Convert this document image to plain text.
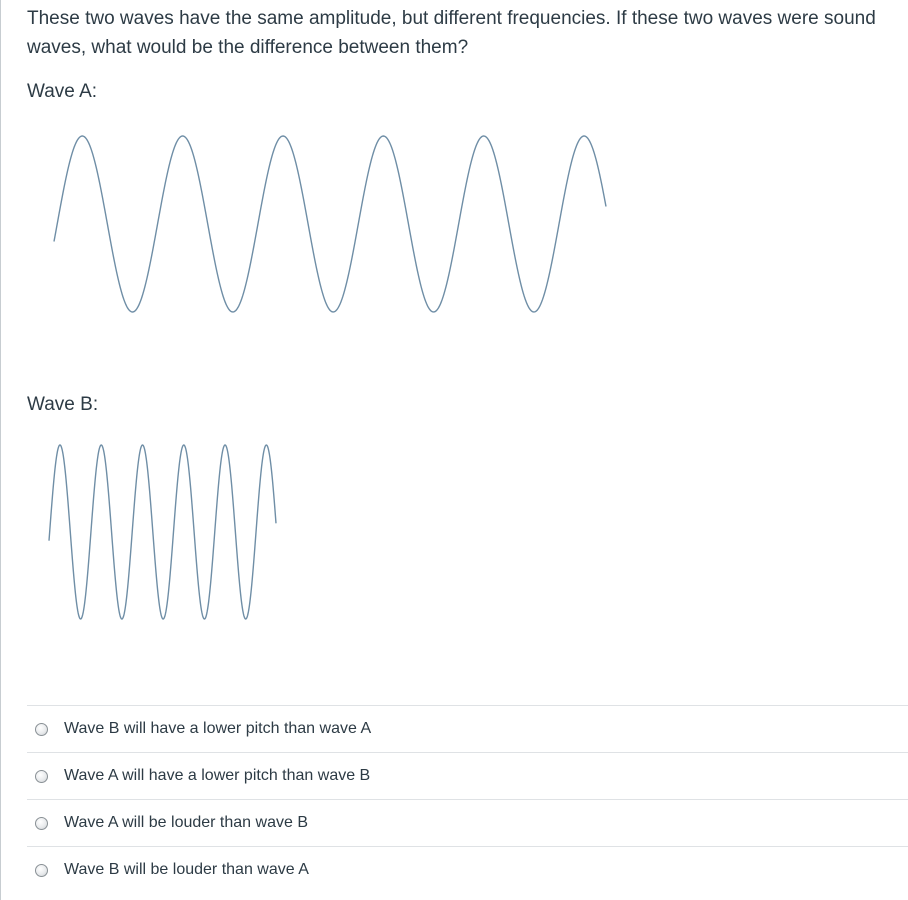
These two waves have the same amplitude, but different frequencies. If these two waves were sound waves, what would be the difference between them?

Wave A:

Wave B:

Wave B will have a lower pitch than wave A
Wave A will have a lower pitch than wave B
Wave A will be louder than wave B
Wave B will be louder than wave A
